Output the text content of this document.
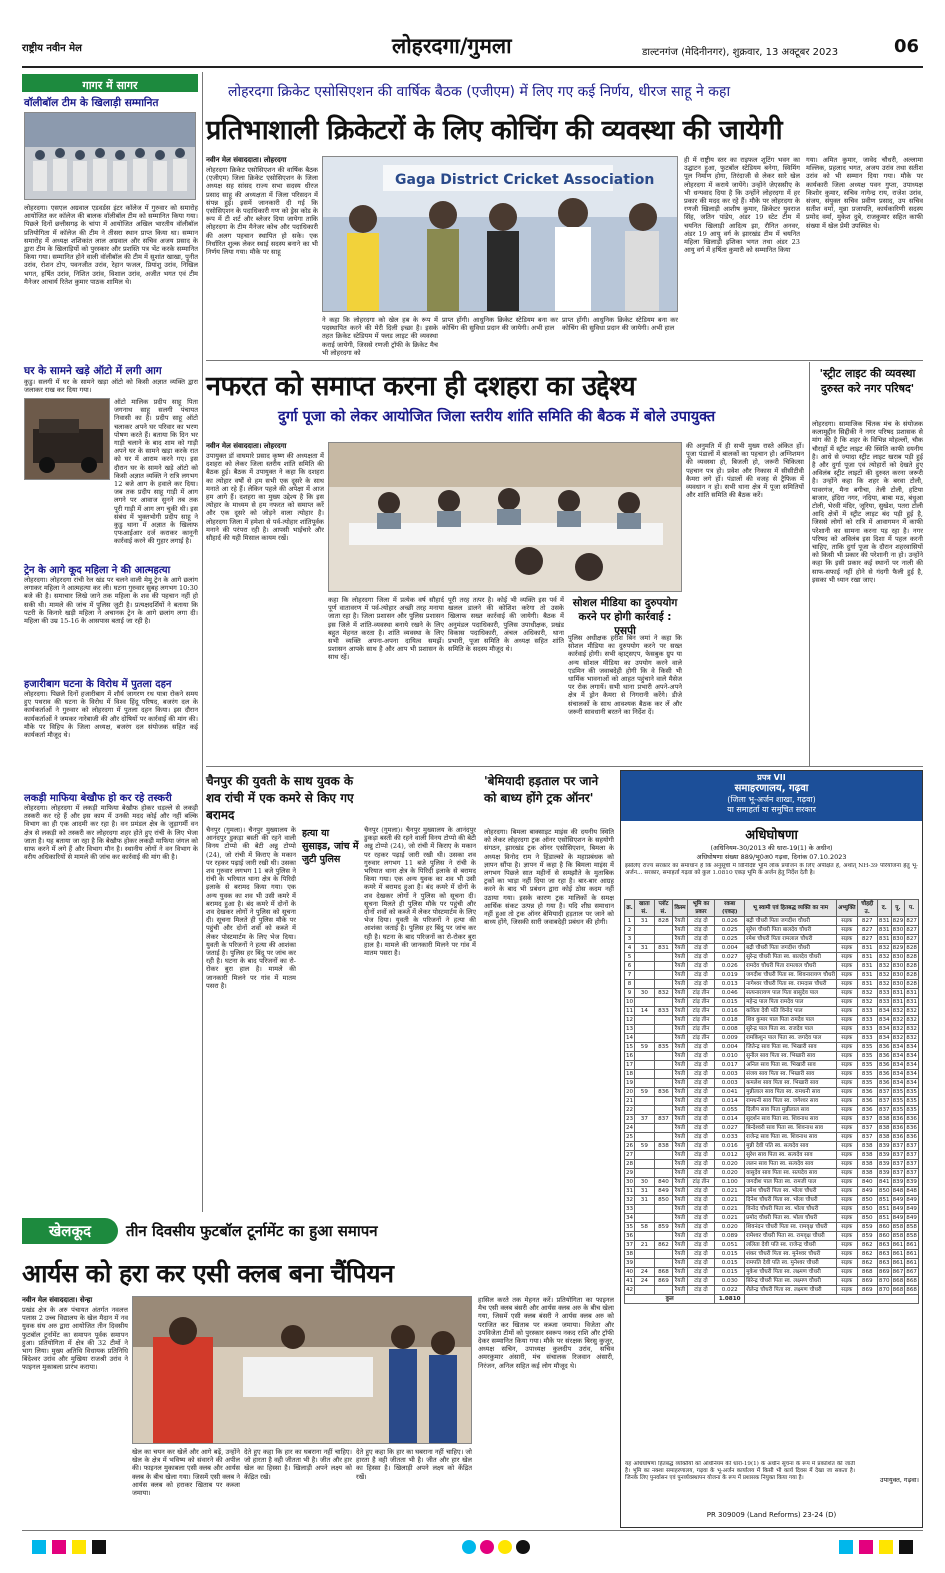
राष्ट्रीय नवीन मेल	लोहरदगा/गुमला	डाल्टनगंज (मेदिनीनगर), शुक्रवार, 13 अक्टूबर 2023	06
गागर में सागर
वॉलीबॉल टीम के खिलाड़ी सम्मानित
लोहरदगा। एसएल अग्रवाल एडवर्डस इंटर कॉलेज में गुरुवार को समारोह आयोजित कर कॉलेज की बालक वॉलीबॉल टीम को सम्मानित किया गया। पिछले दिनों छत्तीसगढ़ के चांपा में आयोजित अखिल भारतीय वॉलीबॉल प्रतियोगिता में कॉलेज की टीम ने तीसरा स्थान प्राप्त किया था। सम्मान समारोह में अध्यक्ष शशिकांत लाल अग्रवाल और सचिव अजय प्रसाद के द्वारा टीम के खिलाड़ियों को पुरस्कार और प्रशस्ति पत्र भेंट करके सम्मानित किया गया। सम्मानित होने वाली वॉलीबॉल की टीम में सुशांत खाखा, पुनीत उरांव, रोशन टोप, पवनजीत उरांव, रेहान फजल, प्रियांशु उरांव, निखिल भगत, हर्षित उरांव, निशित उरांव, विशाल उरांव, अजीत भगत एवं टीम मैनेजर आचार्य रितेश कुमार पाठक शामिल थे।
घर के सामने खड़े ऑटो में लगी आग
कुडु। सलगी में घर के सामने खड़ा ऑटो को किसी अज्ञात व्यक्ति द्वारा जलाकर राख कर दिया गया।
ऑटो मालिक प्रदीप साहू पिता जगनाथ साहू सलगी पंचायत निवासी का है। प्रदीप साहू ऑटो चलाकर अपने घर परिवार का भरण पोषण करते हैं। बताया कि दिन भर गाड़ी चलाने के बाद शाम को गाड़ी अपने घर के सामने खड़ा करके रात को घर में आराम करने गए। इस दौरान घर के सामने खड़े ऑटो को किसी अज्ञात व्यक्ति ने रात्रि लगभग 12 बजे आग के हवाले कर दिया। जब तक प्रदीप साहू गाड़ी में आग लगने पर आवाज सुनने तब तक पूरी गाड़ी में आग लग चुकी थी। इस संबंध में भुक्तभोगी प्रदीप साहू ने कुडु थाना में अज्ञात के खिलाफ एफआईआर दर्ज कराकर कानूनी कार्रवाई करने की गुहार लगाई है।
ट्रेन के आगे कूद महिला ने की आत्महत्या
लोहरदगा। लोहरदगा रांची रेल खंड पर चलने वाली मेमू ट्रेन के आगे छलांग लगाकर महिला ने आत्महत्या कर ली। घटना गुरुवार सुबह लगभग 10:30 बजे की है। समाचार लिखे जाने तक महिला के शव की पहचान नहीं हो सकी थी। मामले की जांच में पुलिस जुटी है। प्रत्यक्षदर्शियों ने बताया कि पटरी के किनारे खड़ी महिला ने अचानक ट्रेन के आगे छलांग लगा दी। महिला की उम्र 15-16 के आसपास बताई जा रही है।
हजारीबाग घटना के विरोध में पुतला दहन
लोहरदगा। पिछले दिनों हजारीबाग में शौर्य जागरण रथ यात्रा रोकने समय हुए पथराव की घटना के विरोध में विश्व हिंदू परिषद, बजरंग दल के कार्यकर्ताओं ने गुरुवार को लोहरदगा में पुतला दहन किया। इस दौरान कार्यकर्ताओं ने जमकर नारेबाजी की और दोषियों पर कार्रवाई की मांग की। मौके पर विहिप के जिला अध्यक्ष, बजरंग दल संयोजक सहित कई कार्यकर्ता मौजूद थे।
लकड़ी माफिया बेखौफ हो कर रहे तस्करी
लोहरदगा। लोहरदगा में लकड़ी माफिया बेखौफ होकर धड़ल्ले से लकड़ी तस्करी कर रहे हैं और इस काम में उनकी मदद कोई और नहीं बल्कि विभाग का ही एक आदमी कर रहा है। वन प्रमंडल क्षेत्र के जुड़ागर्मी वन क्षेत्र से लकड़ी को तस्करी कर लोहरदगा शहर होते हुए रांची के लिए भेजा जाता है। यह बताया जा रहा है कि बेखौफ होकर लकड़ी माफिया जंगल को साफ करने में लगे हैं और विभाग मौन है। स्थानीय लोगों ने वन विभाग के वरीय अधिकारियों से मामले की जांच कर कार्रवाई की मांग की है।
लोहरदगा क्रिकेट एसोसिएशन की वार्षिक बैठक (एजीएम) में लिए गए कई निर्णय, धीरज साहू ने कहा
प्रतिभाशाली क्रिकेटरों के लिए कोचिंग की व्यवस्था की जायेगी
नवीन मेल संवाददाता। लोहरदगा
लोहरदगा क्रिकेट एसोसिएशन की वार्षिक बैठक (एजीएम) जिला क्रिकेट एसोसिएशन के जिला अध्यक्ष सह सांसद राज्य सभा सदस्य धीरज प्रसाद साहू की अध्यक्षता में जिला परिसदन में संपन्न हुई। इसमें जानकारी दी गई कि एसोसिएशन के पदाधिकारी गण को ड्रेस कोड के रूप में टी शर्ट और ब्लेजर दिया जायेगा ताकि लोहरदगा के टीम मैनेजर कोच और पदाधिकारी की अलग पहचान स्थापित हो सके। एक निर्धारित शुल्क लेकर स्थाई सदस्य बनाने का भी निर्णय लिया गया। मौके पर साहू
Gaga District Cricket Association
ने कहा कि लोहरदगा को खेल हब के रूप में पदस्थापित करने की मेरी दिली इच्छा है। इसके तहत क्रिकेट स्टेडियम में फ्लड लाइट की व्यवस्था कराई जायेगी, जिससे रणजी ट्रॉफी के क्रिकेट मैच भी लोहरदगा को
प्राप्त होंगी। आधुनिक क्रिकेट स्टेडियम बना कर कोचिंग की सुविधा प्रदान की जायेगी। अभी हाल
प्राप्त होंगी। आधुनिक क्रिकेट स्टेडियम बना कर कोचिंग की सुविधा प्रदान की जायेगी। अभी हाल
ही में राष्ट्रीय स्तर का राइफल शूटिंग भवन का उद्घाटन हुआ, फुटबॉल स्टेडियम बनेगा, स्विमिंग पूल निर्माण होगा, तिरंदाजी से लेकर सारे खेल लोहरदगा में कराये जायेंगे। उन्होंने जेएससीए के भी धन्यवाद दिया है कि उन्होंने लोहरदगा में हर प्रकार की मदद कर रहे हैं। मौके पर लोहरदगा के रणजी खिलाड़ी आशीष कुमार, क्रिकेटर युवराज सिंह, जतिन पांडेय, अंडर 19 स्टेट टीम में चयनित खिलाड़ी आदित्य झा, रौनित अनवर, अंडर 19 आयु वर्ग के झारखंड टीम में चयनित महिला खिलाड़ी इशिका भगत तथा अंडर 23 आयु वर्ग में हर्षिता कुमारी को सम्मानित किया
गया। अमित कुमार, जावेद चौधरी, अल्लामा मल्लिक, प्रहलाद भगत, अजय उरांव तथा सतीश उरांव को भी सम्मान दिया गया। मौके पर कार्यकारी जिला अध्यक्ष पवन गुप्ता, उपाध्यक्ष किशोर कुमार, सचिव नागेन्द्र राय, राजेश उरांव, संजय, संयुक्त सचिव प्रवीण प्रसाद, उप सचिव सतीश वर्मा, मुन्ना प्रजापति, कार्यकारिणी सदस्य प्रमोद वर्मा, मुकेश दुबे, राजकुमार सहित काफी संख्या में खेल प्रेमी उपस्थित थे।
नफरत को समाप्त करना ही दशहरा का उद्देश्य
दुर्गा पूजा को लेकर आयोजित जिला स्तरीय शांति समिति की बैठक में बोले उपायुक्त
नवीन मेल संवाददाता। लोहरदगा
उपायुक्त डॉ वाघमारे प्रसाद कृष्ण की अध्यक्षता में दशहरा को लेकर जिला स्तरीय शांति समिति की बैठक हुई। बैठक में उपायुक्त ने कहा कि दशहरा का त्योहार वर्षों से हम सभी एक दूसरे के साथ मनाते आ रहे हैं। लेकिन पहले की अपेक्षा में आज हम आगे हैं। दशहरा का मुख्य उद्देश्य है कि इस त्योहार के माध्यम से हम नफरत को समाप्त करें और एक दूसरे को जोड़ने वाला त्योहार है। लोहरदगा जिला में हमेशा से पर्व-त्योहार शांतिपूर्वक मनाने की परंपरा रही है। आपसी भाईचारे और सौहार्द की यही मिसाल कायम रखें।
कहा कि लोहरदगा जिला में प्रत्येक वर्ष सौहार्द पूर्ण वातावरण में पर्व-त्योहार अच्छी तरह मनाया जाता रहा है। जिला प्रशासन और पुलिस प्रशासन इस जिले में शांति-व्यवस्था बनाये रखने के लिए बहुत मेहनत करता है। शांति व्यवस्था के लिए सभी व्यक्ति अपना-अपना दायित्व समझें। प्रशासन आपके साथ है और आप भी प्रशासन के साथ रहें।
पूरी तरह तत्पर है। कोई भी व्यक्ति इस पर्व में खलल डालने की कोशिश करेगा तो उसके खिलाफ सख्त कार्रवाई की जायेगी। बैठक में अनुमंडल पदाधिकारी, पुलिस उपाधीक्षक, प्रखंड विकास पदाधिकारी, अंचल अधिकारी, थाना प्रभारी, पूजा समिति के अध्यक्ष सहित शांति समिति के सदस्य मौजूद थे।
सोशल मीडिया का दुरुपयोग करने पर होगी कार्रवाई : एसपी
पुलिस अधीक्षक हरीश बिन जमां ने कहा कि सोशल मीडिया का दुरुपयोग करने पर सख्त कार्रवाई होगी। सभी व्हाट्सएप, फेसबुक ग्रुप या अन्य सोशल मीडिया का उपयोग करने वाले एडमिन की जवाबदेही होगी कि वे किसी भी धार्मिक भावनाओं को आहत पहुंचाने वाले मैसेज पर रोक लगायें। सभी थाना प्रभारी अपने-अपने क्षेत्र में ड्रोन कैमरा से निगरानी करेंगे। डीजे संचालकों के साथ आवश्यक बैठक कर लें और जरूरी सावधानी बरतने का निर्देश दें।
की अनुमति में ही सभी मुख्य रास्ते अंकित हों। पूजा पंडालों में बालकों का पहचान हो। अग्निशमन की व्यवस्था हो, बिजली हो, जरूरी चिकित्सा पहचान पत्र हो। प्रवेश और निकास में सीसीटीवी कैमरा लगे हों। पंडालों की वजह से ट्रैफिक में व्यवधान न हो। सभी थाना क्षेत्र में पूजा समितियों और शांति समिति की बैठक करें।
'स्ट्रीट लाइट की व्यवस्था दुरुस्त करे नगर परिषद'
लोहरदगा। सामाजिक चिंतक मंच के संयोजक कलामुद्दीन सिद्दीकी ने नगर परिषद प्रशासक से मांग की है कि शहर के विभिन्न मोहल्लों, चौक चौराहों में स्ट्रीट लाइट की स्थिति काफी दयनीय है। आधे से ज्यादा स्ट्रीट लाइट खराब पड़ी हुई है और दुर्गा पूजा एवं त्योहारों को देखते हुए अविलंब स्ट्रीट लाइटों की दुरुस्त करना जरूरी है। उन्होंने कहा कि शहर के बरवा टोली, पावरगंज, मैना बगीचा, तेली टोली, हटिया बाजार, इंदिरा नगर, नदिया, बाबा मठ, बंधुआ टोली, भेरवी मंदिर, जूरिया, सुखेश, पतरा टोली आदि क्षेत्रों में स्ट्रीट लाइट बंद पड़ी हुई है, जिससे लोगों को रात्रि में आवागमन में काफी परेशानी का सामना करना पड़ रहा है। नगर परिषद को अविलंब इस दिशा में पहल करनी चाहिए, ताकि दुर्गा पूजा के दौरान शहरवासियों को किसी भी प्रकार की परेशानी ना हो। उन्होंने कहा कि इसी प्रकार कई स्थानों पर नाली की साफ-सफाई नहीं होने से गंदगी फैली हुई है, इसका भी ध्यान रखा जाए।
चैनपुर की युवती के साथ युवक के शव रांची में एक कमरे से किए गए बरामद
चैनपुर (गुमला)। चैनपुर मुख्यालय के आनंदपुर डुकड़ा बस्ती की रहने वाली विनय टोप्पो की बेटी अन्नु टोप्पो (24), जो रांची में किराए के मकान पर रहकर पढ़ाई जारी रखी थी। उसका शव गुरुवार लगभग 11 बजे पुलिस ने रांची के भरियात थाना क्षेत्र के पिरिदी इलाके से बरामद किया गया। एक अन्य युवक का शव भी उसी कमरे में बरामद हुआ है। बंद कमरे में दोनों के शव देखकर लोगों ने पुलिस को सूचना दी। सूचना मिलते ही पुलिस मौके पर पहुंची और दोनों शवों को कब्जे में लेकर पोस्टमार्टम के लिए भेज दिया। युवती के परिजनों ने हत्या की आशंका जताई है। पुलिस हर बिंदु पर जांच कर रही है। घटना के बाद परिजनों का रो-रोकर बुरा हाल है। मामले की जानकारी मिलने पर गांव में मातम पसरा है।
हत्या या सुसाइड, जांच में जुटी पुलिस
चैनपुर (गुमला)। चैनपुर मुख्यालय के आनंदपुर डुकड़ा बस्ती की रहने वाली विनय टोप्पो की बेटी अन्नु टोप्पो (24), जो रांची में किराए के मकान पर रहकर पढ़ाई जारी रखी थी। उसका शव गुरुवार लगभग 11 बजे पुलिस ने रांची के भरियात थाना क्षेत्र के पिरिदी इलाके से बरामद किया गया। एक अन्य युवक का शव भी उसी कमरे में बरामद हुआ है। बंद कमरे में दोनों के शव देखकर लोगों ने पुलिस को सूचना दी। सूचना मिलते ही पुलिस मौके पर पहुंची और दोनों शवों को कब्जे में लेकर पोस्टमार्टम के लिए भेज दिया। युवती के परिजनों ने हत्या की आशंका जताई है। पुलिस हर बिंदु पर जांच कर रही है। घटना के बाद परिजनों का रो-रोकर बुरा हाल है। मामले की जानकारी मिलने पर गांव में मातम पसरा है।
'बेमियादी हड़ताल पर जाने को बाध्य होंगे ट्रक ऑनर'
लोहरदगा। बिमला बाक्साइट माइंस की दयनीय स्थिति को लेकर लोहरदगा ट्रक ऑनर एसोसिएशन के सहयोगी संगठन, झारखंड ट्रक ऑनर एसोसिएशन, बिमला के अध्यक्ष विनोद राम ने हिंडाल्को के महाप्रबंधक को ज्ञापन सौंपा है। ज्ञापन में कहा है कि बिमला माइंस में लगभग पिछले सात महीनों से समझौते के मुताबिक ट्रकों का भाड़ा नहीं दिया जा रहा है। बार-बार आग्रह करने के बाद भी प्रबंधन द्वारा कोई ठोस कदम नहीं उठाया गया। इसके कारण ट्रक मालिकों के समक्ष आर्थिक संकट उत्पन्न हो गया है। यदि शीघ्र समाधान नहीं हुआ तो ट्रक ऑनर बेमियादी हड़ताल पर जाने को बाध्य होंगे, जिसकी सारी जवाबदेही प्रबंधन की होगी।
प्रपत्र VII
समाहरणालय, गढ़वा
(जिला भू-अर्जन शाखा, गढ़वा)
या समाहर्ता या समुचित सरकार
अधिघोषणा
(अधिनियम-30/2013 की धारा-19(1) के अधीन)
अधिघोषणा संख्या 889/भू0अ0 गढ़वा, दिनांक 07.10.2023
इसलिए राज्य सरकार का समाधान है कि अनुसूची में विनिर्दिष्ट भूमि लोक प्रयोजन के लिए अपेक्षित है, अर्थात् NH-39 परियोजना हेतु भू-अर्जन... सरकार, समाहर्ता गढ़वा को कुल 1.0810 एकड़ भूमि के अर्जन हेतु निर्देश देती है।
क्र.	खाता सं.	प्लॉट सं.	किस्म	भूमि का प्रकार	रकबा (एकड़)	भू स्वामी एवं हितबद्ध व्यक्ति का नाम	अभ्युक्ति	चौहद्दी उ.	द.	पू.	प.
1	31	828	रैयती	टांड़ दो	0.026	बद्री चौधरी पिता जगदीश चौधरी	सड़क	827	831	829	827
2			रैयती	टांड़ दो	0.025	सुरेश चौधरी पिता बालदेव चौधरी	सड़क	827	831	830	827
3			रैयती	टांड़ दो	0.025	रमेश चौधरी पिता रामलाल चौधरी	सड़क	827	831	830	827
4	31	831	रैयती	टांड़ दो	0.004	बद्री चौधरी पिता जगदीश चौधरी	सड़क	831	832	829	828
5			रैयती	टांड़ दो	0.027	सुरेन्द्र चौधरी पिता स्व. बालदेव चौधरी	सड़क	831	832	830	828
6			रैयती	टांड़ दो	0.026	रामदेव चौधरी पिता रामलाल चौधरी	सड़क	831	832	830	828
7			रैयती	टांड़ दो	0.019	जगदीश चौधरी पिता स्व. शिवनारायण चौधरी	सड़क	831	832	830	828
8			रैयती	टांड़ दो	0.013	नागेश्वर चौधरी पिता स्व. रामदास चौधरी	सड़क	831	832	830	828
9	30	832	रैयती	टांड़ तीन	0.046	सत्यनारायण पाल पिता बासुदेव पाल	सड़क	832	833	831	831
10			रैयती	टांड़ तीन	0.015	महेन्द्र पाल पिता रामदेव पाल	सड़क	832	833	831	831
11	14	833	रैयती	टांड़ तीन	0.016	कविता देवी पति विनोद पाल	सड़क	833	834	832	832
12			रैयती	टांड़ तीन	0.018	शिव कुमार पाल पिता रामदेव पाल	सड़क	833	834	832	832
13			रैयती	टांड़ तीन	0.008	सुरेन्द्र पाल पिता स्व. राजदेव पाल	सड़क	833	834	832	832
14			रैयती	टांड़ तीन	0.009	रामकिशुन पाल पिता स्व. जगदेव पाल	सड़क	833	834	832	832
15	59	835	रैयती	टांड़ दो	0.004	जितेन्द्र साव पिता स्व. भिखारी साव	सड़क	835	836	834	834
16			रैयती	टांड़ दो	0.010	सुनील साव पिता स्व. भिखारी साव	सड़क	835	836	834	834
17			रैयती	टांड़ दो	0.017	अनिल साव पिता स्व. भिखारी साव	सड़क	835	836	834	834
18			रैयती	टांड़ दो	0.003	संजय साव पिता स्व. भिखारी साव	सड़क	835	836	834	834
19			रैयती	टांड़ दो	0.003	कमलेश साव पिता स्व. भिखारी साव	सड़क	835	836	834	834
20	59	836	रैयती	टांड़ दो	0.041	मुन्नीलाल साव पिता स्व. रामधनी साव	सड़क	836	837	835	835
21			रैयती	टांड़ दो	0.014	रामधनी साव पिता स्व. जगेश्वर साव	सड़क	836	837	835	835
22			रैयती	टांड़ दो	0.055	दिलीप साव पिता मुन्नीलाल साव	सड़क	836	837	835	835
23	37	837	रैयती	टांड़ दो	0.014	सुदर्शन साव पिता स्व. शिवनाथ साव	सड़क	837	838	836	836
24			रैयती	टांड़ दो	0.027	बिन्देश्वरी साव पिता स्व. शिवनाथ साव	सड़क	837	838	836	836
25			रैयती	टांड़ दो	0.033	राजेन्द्र साव पिता स्व. शिवनाथ साव	सड़क	837	838	836	836
26	59	838	रैयती	टांड़ दो	0.016	मुन्नी देवी पति स्व. सत्यदेव साव	सड़क	838	839	837	837
27			रैयती	टांड़ दो	0.012	सुरेश साव पिता स्व. सत्यदेव साव	सड़क	838	839	837	837
28			रैयती	टांड़ दो	0.020	ललन साव पिता स्व. सत्यदेव साव	सड़क	838	839	837	837
29			रैयती	टांड़ दो	0.020	वासुदेव साव पिता स्व. सत्यदेव साव	सड़क	838	839	837	837
30	30	840	रैयती	टांड़ तीन	0.100	जगदीश पाल पिता स्व. रामजी पाल	सड़क	840	841	839	839
31	31	849	रैयती	टांड़ दो	0.021	उमेश चौधरी पिता स्व. भोला चौधरी	सड़क	849	850	848	848
32	31	850	रैयती	टांड़ दो	0.021	दिनेश चौधरी पिता स्व. भोला चौधरी	सड़क	850	851	849	849
33			रैयती	टांड़ दो	0.021	विनोद चौधरी पिता स्व. भोला चौधरी	सड़क	850	851	849	849
34			रैयती	टांड़ दो	0.021	प्रमोद चौधरी पिता स्व. भोला चौधरी	सड़क	850	851	849	849
35	58	859	रैयती	टांड़ दो	0.020	शिवनंदन चौधरी पिता स्व. रामवृक्ष चौधरी	सड़क	859	860	858	858
36			रैयती	टांड़ दो	0.089	रामेश्वर चौधरी पिता स्व. रामवृक्ष चौधरी	सड़क	859	860	858	858
37	21	862	रैयती	टांड़ दो	0.051	ललिता देवी पति स्व. राजेन्द्र चौधरी	सड़क	862	863	861	861
38			रैयती	टांड़ दो	0.015	शंकर चौधरी पिता स्व. मुनेश्वर चौधरी	सड़क	862	863	861	861
39			रैयती	टांड़ दो	0.015	रामपति देवी पति स्व. मुनेश्वर चौधरी	सड़क	862	863	861	861
40	24	868	रैयती	टांड़ दो	0.015	मुकेश चौधरी पिता स्व. लक्ष्मण चौधरी	सड़क	868	869	867	867
41	24	869	रैयती	टांड़ दो	0.030	बिरेन्द्र चौधरी पिता स्व. लक्ष्मण चौधरी	सड़क	869	870	868	868
42			रैयती	टांड़ दो	0.022	शैलेन्द्र चौधरी पिता स्व. लक्ष्मण चौधरी	सड़क	869	870	868	868
कुल					1.0810						
यह अधिघोषणा हितबद्ध व्यक्तियों को अधिनियम की धारा-19(1) के अधीन सूचना के रूप में प्रकाशित की जाती है। भूमि का नक्शा समाहरणालय, गढ़वा के भू-अर्जन कार्यालय में किसी भी कार्य दिवस में देखा जा सकता है। जिनके लिए पुनर्वासन एवं पुनर्व्यवस्थापन योजना के रूप में प्रशासक नियुक्त किया गया है।	उपायुक्त, गढ़वा।
PR 309009 (Land Reforms) 23-24 (D)
खेलकूद	तीन दिवसीय फुटबॉल टूर्नामेंट का हुआ समापन
आर्यस को हरा कर एसी क्लब बना चैंपियन
नवीन मेल संवाददाता। सेन्हा
प्रखंड क्षेत्र के अरु पंचायत अंतर्गत नवलत्त पलास 2 उच्च विद्यालय के खेल मैदान में नव युवक संघ अरु द्वारा आयोजित तीन दिवसीय फुटबॉल टूर्नामेंट का समापन पूर्वक समापन हुआ। प्रतियोगिता में क्षेत्र की 32 टीमों ने भाग लिया। मुख्य अतिथि विधायक प्रतिनिधि बिंदेश्वर उरांव और मुखिया राजश्री उरांव ने फाइनल मुकाबला प्रारंभ कराया।
खेल का चयन कर खेलें और आगे बढ़ें, उन्होंने खेल के क्षेत्र में भविष्य को संवारने की अपील की। फाइनल मुकाबला एसी क्लब और आर्यस क्लब के बीच खेला गया। जिसमें एसी क्लब ने आर्यस क्लब को हराकर खिताब पर कब्जा जमाया।
देते हुए कहा कि हार का घबराना नहीं चाहिए। जो हारता है वही जीतता भी है। जीत और हार खेल का हिस्सा है। खिलाड़ी अपने लक्ष्य को केंद्रित रखें।
देते हुए कहा कि हार का घबराना नहीं चाहिए। जो हारता है वही जीतता भी है। जीत और हार खेल का हिस्सा है। खिलाड़ी अपने लक्ष्य को केंद्रित रखें।
हासिल करते तक मेहनत करें। प्रतियोगिता का फाइनल मैच एसी क्लब बंसरी और आर्यस क्लब अरु के बीच खेला गया, जिसमें एसी क्लब बंसरी ने आर्यस क्लब अरु को पराजित कर खिताब पर कब्जा जमाया। विजेता और उपविजेता टीमों को पुरस्कार स्वरूप नकद राशि और ट्रॉफी देकर सम्मानित किया गया। मौके पर संरक्षक बिरसु कुजूर, अध्यक्ष सचिन, उपाध्यक्ष कुलदीप उरांव, सचिव अमरकुमार अंसारी, मंच संचालक रिजवान अंसारी, निरंजन, अनिल सहित कई लोग मौजूद थे।
